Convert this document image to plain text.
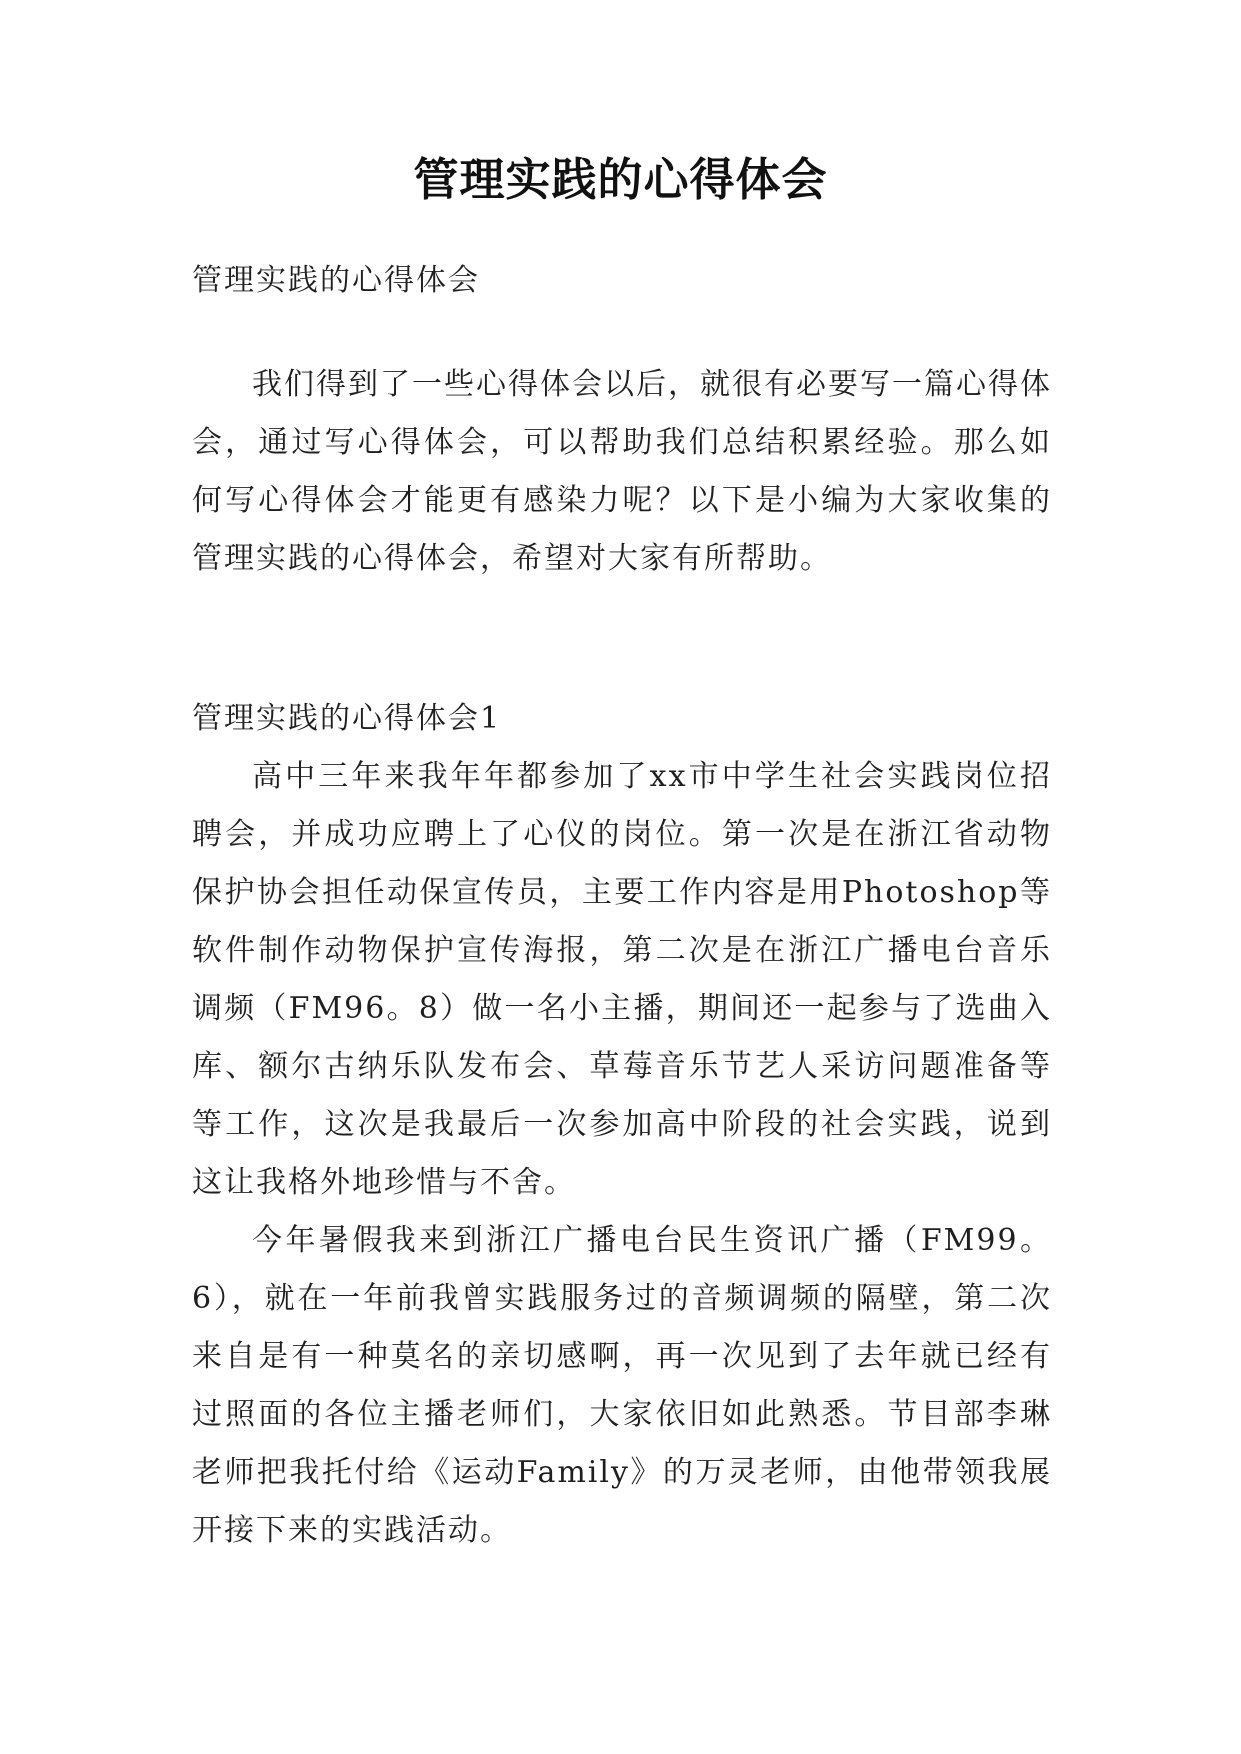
管理实践的心得体会
管理实践的心得体会

我们得到了一些心得体会以后，就很有必要写一篇心得体会，通过写心得体会，可以帮助我们总结积累经验。那么如何写心得体会才能更有感染力呢？以下是小编为大家收集的管理实践的心得体会，希望对大家有所帮助。

管理实践的心得体会1

高中三年来我年年都参加了xx市中学生社会实践岗位招聘会，并成功应聘上了心仪的岗位。第一次是在浙江省动物保护协会担任动保宣传员，主要工作内容是用Photoshop等软件制作动物保护宣传海报，第二次是在浙江广播电台音乐调频（FM96。8）做一名小主播，期间还一起参与了选曲入库、额尔古纳乐队发布会、草莓音乐节艺人采访问题准备等等工作，这次是我最后一次参加高中阶段的社会实践，说到这让我格外地珍惜与不舍。

今年暑假我来到浙江广播电台民生资讯广播（FM99。6），就在一年前我曾实践服务过的音频调频的隔壁，第二次来自是有一种莫名的亲切感啊，再一次见到了去年就已经有过照面的各位主播老师们，大家依旧如此熟悉。节目部李琳老师把我托付给《运动Family》的万灵老师，由他带领我展开接下来的实践活动。
